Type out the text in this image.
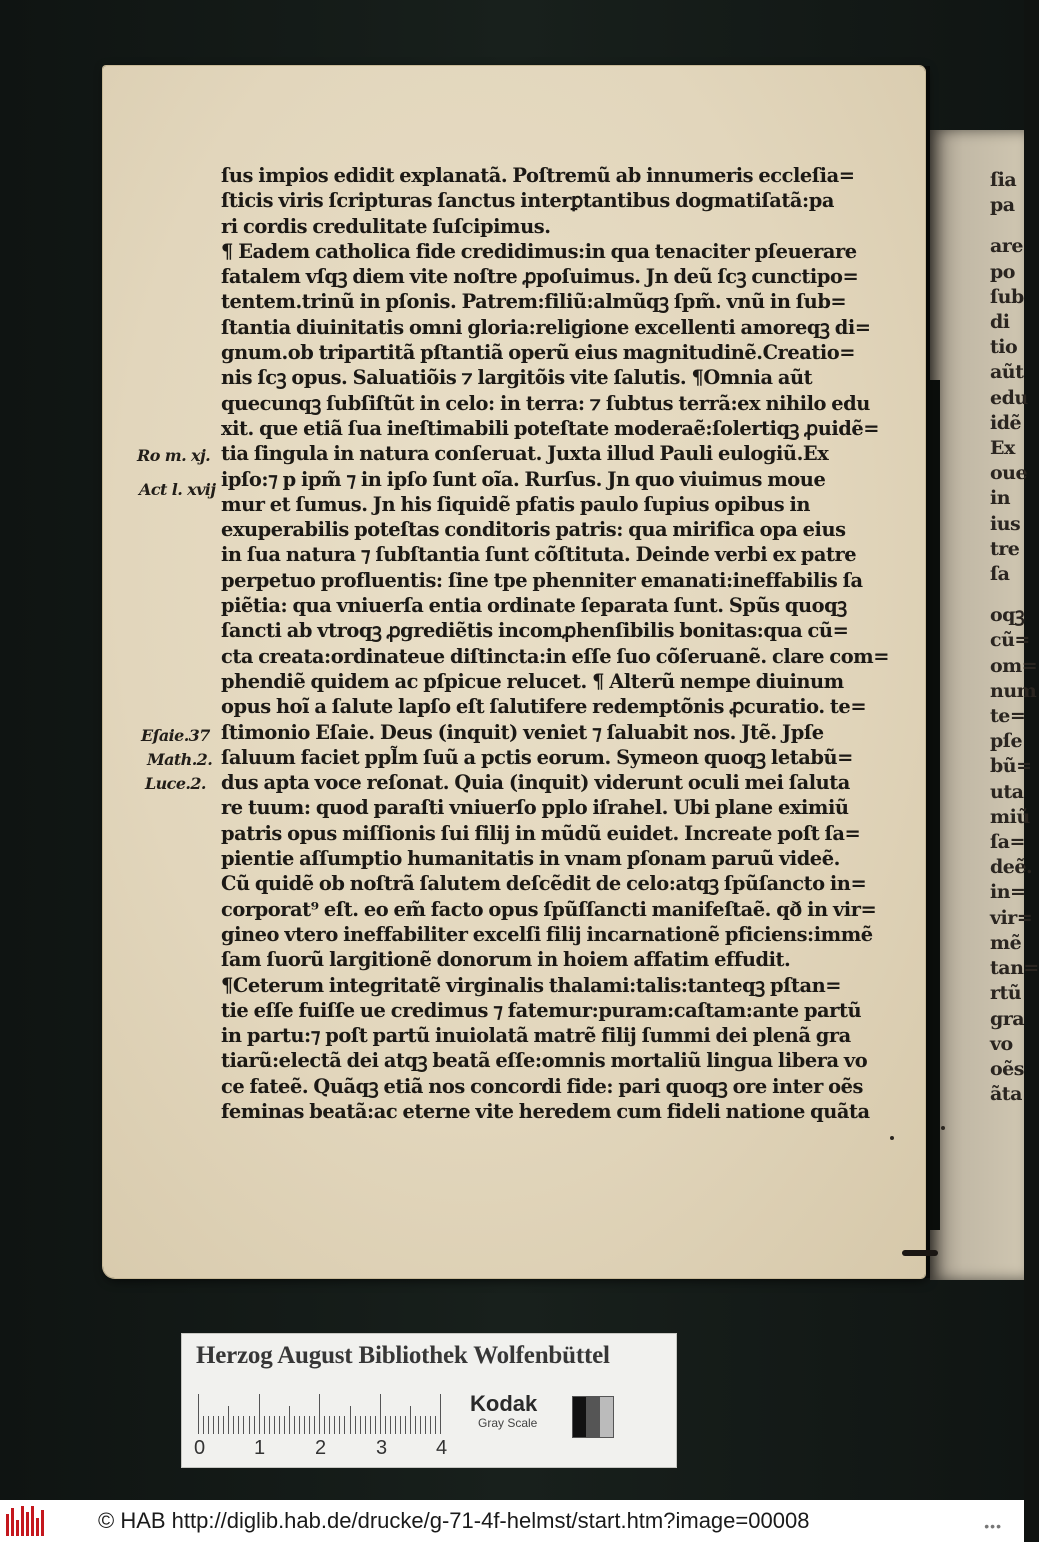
ſia
pa
are
po
ſub
di
tio
aũt
edu
idẽ
Ex
oue
in
ius
tre
ſa
oqꝫ
cũ=
om=
num
te=
pſe
bũ=
uta
miũ
ſa=
deẽ.
in=
vir=
mẽ
tan=
rtũ
gra
vo
oẽs
ãta
ſus impios edidit explanatã. Poſtremũ ab innumeris eccleſia=
ſticis viris ſcripturas ſanctus interꝑtantibus dogmatiſatã:pa
ri cordis credulitate ſuſcipimus.
¶ Eadem catholica fide credidimus:in qua tenaciter pſeuerare
fatalem vſqꝫ diem vite noſtre ꝓpoſuimus. Jn deũ ſcꝫ cunctipo=
tentem.trinũ in pſonis. Patrem:filiũ:almũqꝫ ſpm̃. vnũ in ſub=
ſtantia diuinitatis omni gloria:religione excellenti amoreqꝫ di=
gnum.ob tripartitã pſtantiã operũ eius magnitudinẽ.Creatio=
nis ſcꝫ opus. Saluatiõis ⁊ largitõis vite ſalutis. ¶Omnia aũt
quecunqꝫ ſubſiſtũt in celo: in terra: ⁊ ſubtus terrã:ex nihilo edu
xit. que etiã ſua ineſtimabili poteſtate moderaẽ:ſolertiqꝫ ꝓuidẽ=
tia ſingula in natura conſeruat. Juxta illud Pauli eulogiũ.Ex
ipſo:⁊ p ipm̃ ⁊ in ipſo ſunt oĩa. Rurſus. Jn quo viuimus moue
mur et ſumus. Jn his ſiquidẽ pfatis paulo ſupius opibus in
exuperabilis poteſtas conditoris patris: qua mirifica opa eius
in ſua natura ⁊ ſubſtantia ſunt cõſtituta. Deinde verbi ex patre
perpetuo profluentis: ſine tpe phenniter emanati:ineffabilis ſa
piẽtia: qua vniuerſa entia ordinate ſeparata ſunt. Spũs quoqꝫ
ſancti ab vtroqꝫ ꝓgrediẽtis incomꝓhenſibilis bonitas:qua cũ=
cta creata:ordinateue diſtincta:in eſſe ſuo cõſeruanẽ. clare com=
phendiẽ quidem ac pſpicue relucet. ¶ Alterũ nempe diuinum
opus hoĩ a ſalute lapſo eſt ſalutifere redemptõnis ꝓcuratio. te=
ſtimonio Eſaie. Deus (inquit) veniet ⁊ ſaluabit nos. Jtẽ. Jpſe
ſaluum faciet ppl̃m ſuũ a pctis eorum. Symeon quoqꝫ letabũ=
dus apta voce reſonat. Quia (inquit) viderunt oculi mei ſaluta
re tuum: quod paraſti vniuerſo pplo iſrahel. Ubi plane eximiũ
patris opus miſſionis ſui filij in mũdũ euidet. Increate poſt ſa=
pientie aſſumptio humanitatis in vnam pſonam paruũ videẽ.
Cũ quidẽ ob noſtrã ſalutem deſcẽdit de celo:atqꝫ ſpũſancto in=
corporat⁹ eſt. eo em̃ facto opus ſpũſſancti manifeſtaẽ. qð in vir=
gineo vtero ineffabiliter excelſi filij incarnationẽ pficiens:immẽ
ſam ſuorũ largitionẽ donorum in hoiem affatim effudit.
¶Ceterum integritatẽ virginalis thalami:talis:tanteqꝫ pſtan=
tie eſſe fuiſſe ue credimus ⁊ fatemur:puram:caſtam:ante partũ
in partu:⁊ poſt partũ inuiolatã matrẽ filij ſummi dei plenã gra
tiarũ:electã dei atqꝫ beatã eſſe:omnis mortaliũ lingua libera vo
ce fateẽ. Quãqꝫ etiã nos concordi fide: pari quoqꝫ ore inter oẽs
feminas beatã:ac eterne vite heredem cum fideli natione quãta
Ro m. xj.
Act l. xvij
Eſaie.37
Math.2.
Luce.2.
Herzog August Bibliothek Wolfenbüttel
0 1 2 3 4
Kodak
Gray Scale
© HAB http://diglib.hab.de/drucke/g-71-4f-helmst/start.htm?image=00008	•••
